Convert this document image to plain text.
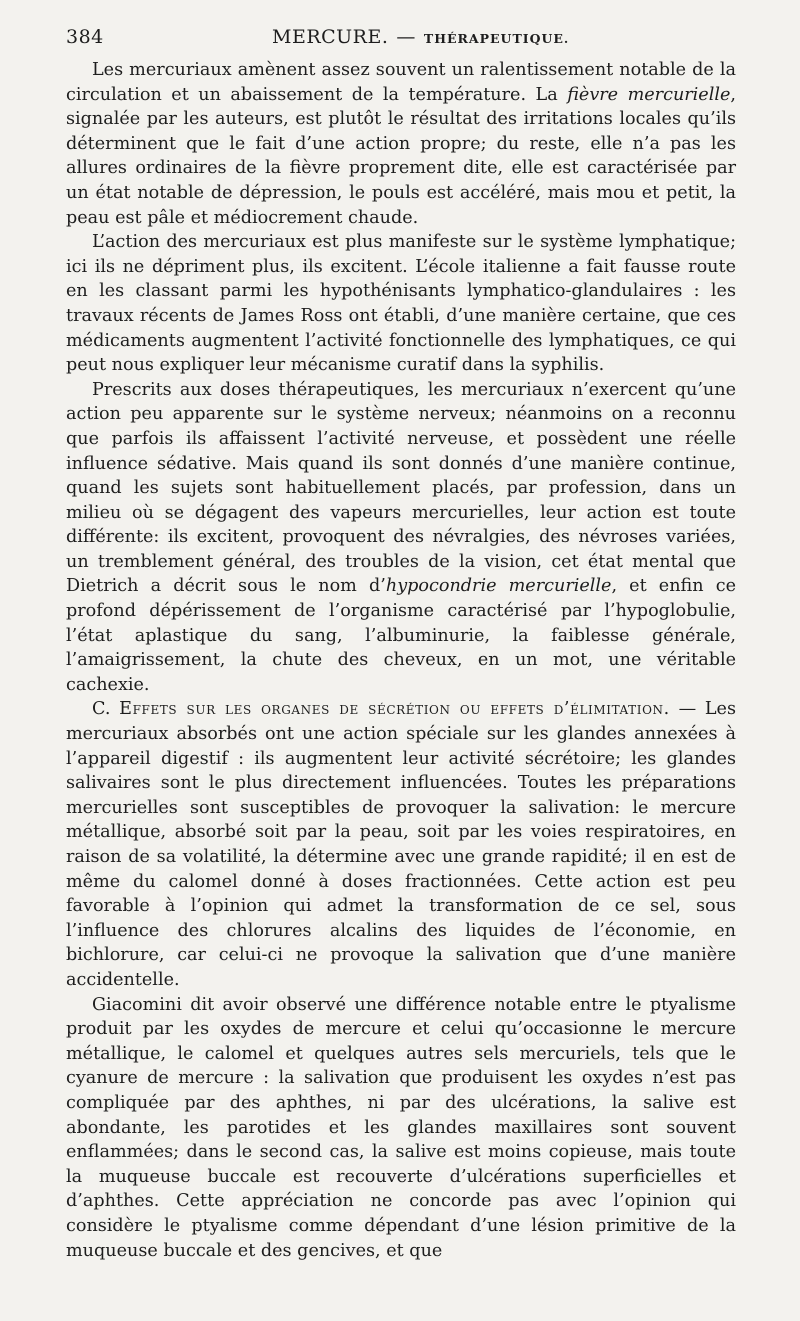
384	MERCURE. — THÉRAPEUTIQUE.

Les mercuriaux amènent assez souvent un ralentissement notable de la circulation et un abaissement de la température. La fièvre mercurielle, signalée par les auteurs, est plutôt le résultat des irritations locales qu’ils déterminent que le fait d’une action propre; du reste, elle n’a pas les allures ordinaires de la fièvre proprement dite, elle est caractérisée par un état notable de dépression, le pouls est accéléré, mais mou et petit, la peau est pâle et médiocrement chaude.

L’action des mercuriaux est plus manifeste sur le système lymphatique; ici ils ne dépriment plus, ils excitent. L’école italienne a fait fausse route en les classant parmi les hypothénisants lymphatico-glandulaires : les travaux récents de James Ross ont établi, d’une manière certaine, que ces médicaments augmentent l’activité fonctionnelle des lymphatiques, ce qui peut nous expliquer leur mécanisme curatif dans la syphilis.

Prescrits aux doses thérapeutiques, les mercuriaux n’exercent qu’une action peu apparente sur le système nerveux; néanmoins on a reconnu que parfois ils affaissent l’activité nerveuse, et possèdent une réelle influence sédative. Mais quand ils sont donnés d’une manière continue, quand les sujets sont habituellement placés, par profession, dans un milieu où se dégagent des vapeurs mercurielles, leur action est toute différente: ils excitent, provoquent des névralgies, des névroses variées, un tremblement général, des troubles de la vision, cet état mental que Dietrich a décrit sous le nom d’hypocondrie mercurielle, et enfin ce profond dépérissement de l’organisme caractérisé par l’hypoglobulie, l’état aplastique du sang, l’albuminurie, la faiblesse générale, l’amaigrissement, la chute des cheveux, en un mot, une véritable cachexie.

C. Effets sur les organes de sécrétion ou effets d’élimitation. — Les mercuriaux absorbés ont une action spéciale sur les glandes annexées à l’appareil digestif : ils augmentent leur activité sécrétoire; les glandes salivaires sont le plus directement influencées. Toutes les préparations mercurielles sont susceptibles de provoquer la salivation: le mercure métallique, absorbé soit par la peau, soit par les voies respiratoires, en raison de sa volatilité, la détermine avec une grande rapidité; il en est de même du calomel donné à doses fractionnées. Cette action est peu favorable à l’opinion qui admet la transformation de ce sel, sous l’influence des chlorures alcalins des liquides de l’économie, en bichlorure, car celui-ci ne provoque la salivation que d’une manière accidentelle.

Giacomini dit avoir observé une différence notable entre le ptyalisme produit par les oxydes de mercure et celui qu’occasionne le mercure métallique, le calomel et quelques autres sels mercuriels, tels que le cyanure de mercure : la salivation que produisent les oxydes n’est pas compliquée par des aphthes, ni par des ulcérations, la salive est abondante, les parotides et les glandes maxillaires sont souvent enflammées; dans le second cas, la salive est moins copieuse, mais toute la muqueuse buccale est recouverte d’ulcérations superficielles et d’aphthes. Cette appréciation ne concorde pas avec l’opinion qui considère le ptyalisme comme dépendant d’une lésion primitive de la muqueuse buccale et des gencives, et que
